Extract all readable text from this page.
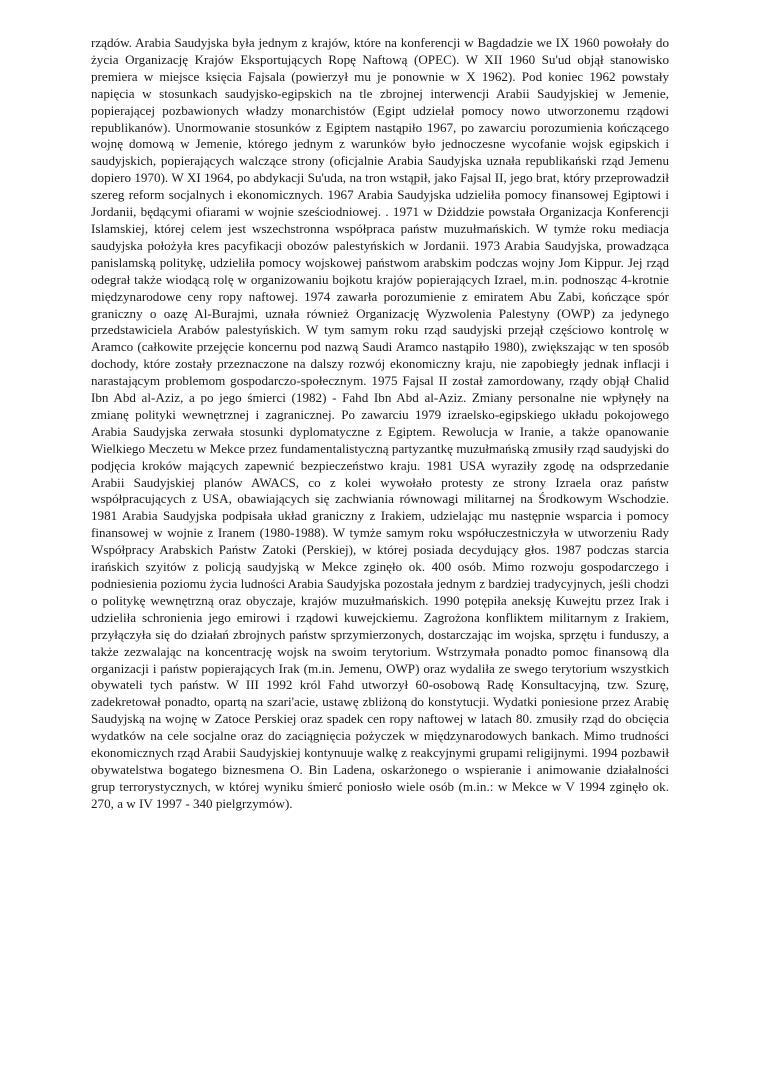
rządów. Arabia Saudyjska była jednym z krajów, które na konferencji w Bagdadzie we IX 1960 powołały do życia Organizację Krajów Eksportujących Ropę Naftową (OPEC). W XII 1960 Su'ud objął stanowisko premiera w miejsce księcia Fajsala (powierzył mu je ponownie w X 1962). Pod koniec 1962 powstały napięcia w stosunkach saudyjsko-egipskich na tle zbrojnej interwencji Arabii Saudyjskiej w Jemenie, popierającej pozbawionych władzy monarchistów (Egipt udzielał pomocy nowo utworzonemu rządowi republikanów). Unormowanie stosunków z Egiptem nastąpiło 1967, po zawarciu porozumienia kończącego wojnę domową w Jemenie, którego jednym z warunków było jednoczesne wycofanie wojsk egipskich i saudyjskich, popierających walczące strony (oficjalnie Arabia Saudyjska uznała republikański rząd Jemenu dopiero 1970). W XI 1964, po abdykacji Su'uda, na tron wstąpił, jako Fajsal II, jego brat, który przeprowadził szereg reform socjalnych i ekonomicznych. 1967 Arabia Saudyjska udzieliła pomocy finansowej Egiptowi i Jordanii, będącymi ofiarami w wojnie sześciodniowej. . 1971 w Dżiddzie powstała Organizacja Konferencji Islamskiej, której celem jest wszechstronna współpraca państw muzułmańskich. W tymże roku mediacja saudyjska położyła kres pacyfikacji obozów palestyńskich w Jordanii. 1973 Arabia Saudyjska, prowadząca panislamską politykę, udzieliła pomocy wojskowej państwom arabskim podczas wojny Jom Kippur. Jej rząd odegrał także wiodącą rolę w organizowaniu bojkotu krajów popierających Izrael, m.in. podnosząc 4-krotnie międzynarodowe ceny ropy naftowej. 1974 zawarła porozumienie z emiratem Abu Zabi, kończące spór graniczny o oazę Al-Burajmi, uznała również Organizację Wyzwolenia Palestyny (OWP) za jedynego przedstawiciela Arabów palestyńskich. W tym samym roku rząd saudyjski przejął częściowo kontrolę w Aramco (całkowite przejęcie koncernu pod nazwą Saudi Aramco nastąpiło 1980), zwiększając w ten sposób dochody, które zostały przeznaczone na dalszy rozwój ekonomiczny kraju, nie zapobiegły jednak inflacji i narastającym problemom gospodarczo-społecznym. 1975 Fajsal II został zamordowany, rządy objął Chalid Ibn Abd al-Aziz, a po jego śmierci (1982) - Fahd Ibn Abd al-Aziz. Zmiany personalne nie wpłynęły na zmianę polityki wewnętrznej i zagranicznej. Po zawarciu 1979 izraelsko-egipskiego układu pokojowego Arabia Saudyjska zerwała stosunki dyplomatyczne z Egiptem. Rewolucja w Iranie, a także opanowanie Wielkiego Meczetu w Mekce przez fundamentalistyczną partyzantkę muzułmańską zmusiły rząd saudyjski do podjęcia kroków mających zapewnić bezpieczeństwo kraju. 1981 USA wyraziły zgodę na odsprzedanie Arabii Saudyjskiej planów AWACS, co z kolei wywołało protesty ze strony Izraela oraz państw współpracujących z USA, obawiających się zachwiania równowagi militarnej na Środkowym Wschodzie. 1981 Arabia Saudyjska podpisała układ graniczny z Irakiem, udzielając mu następnie wsparcia i pomocy finansowej w wojnie z Iranem (1980-1988). W tymże samym roku współuczestniczyła w utworzeniu Rady Współpracy Arabskich Państw Zatoki (Perskiej), w której posiada decydujący głos. 1987 podczas starcia irańskich szyitów z policją saudyjską w Mekce zginęło ok. 400 osób. Mimo rozwoju gospodarczego i podniesienia poziomu życia ludności Arabia Saudyjska pozostała jednym z bardziej tradycyjnych, jeśli chodzi o politykę wewnętrzną oraz obyczaje, krajów muzułmańskich. 1990 potępiła aneksję Kuwejtu przez Irak i udzieliła schronienia jego emirowi i rządowi kuwejckiemu. Zagrożona konfliktem militarnym z Irakiem, przyłączyła się do działań zbrojnych państw sprzymierzonych, dostarczając im wojska, sprzętu i funduszy, a także zezwalając na koncentrację wojsk na swoim terytorium. Wstrzymała ponadto pomoc finansową dla organizacji i państw popierających Irak (m.in. Jemenu, OWP) oraz wydaliła ze swego terytorium wszystkich obywateli tych państw. W III 1992 król Fahd utworzył 60-osobową Radę Konsultacyjną, tzw. Szurę, zadekretował ponadto, opartą na szari'acie, ustawę zbliżoną do konstytucji. Wydatki poniesione przez Arabię Saudyjską na wojnę w Zatoce Perskiej oraz spadek cen ropy naftowej w latach 80. zmusiły rząd do obcięcia wydatków na cele socjalne oraz do zaciągnięcia pożyczek w międzynarodowych bankach. Mimo trudności ekonomicznych rząd Arabii Saudyjskiej kontynuuje walkę z reakcyjnymi grupami religijnymi. 1994 pozbawił obywatelstwa bogatego biznesmena O. Bin Ladena, oskarżonego o wspieranie i animowanie działalności grup terrorystycznych, w której wyniku śmierć poniosło wiele osób (m.in.: w Mekce w V 1994 zginęło ok. 270, a w IV 1997 - 340 pielgrzymów).
